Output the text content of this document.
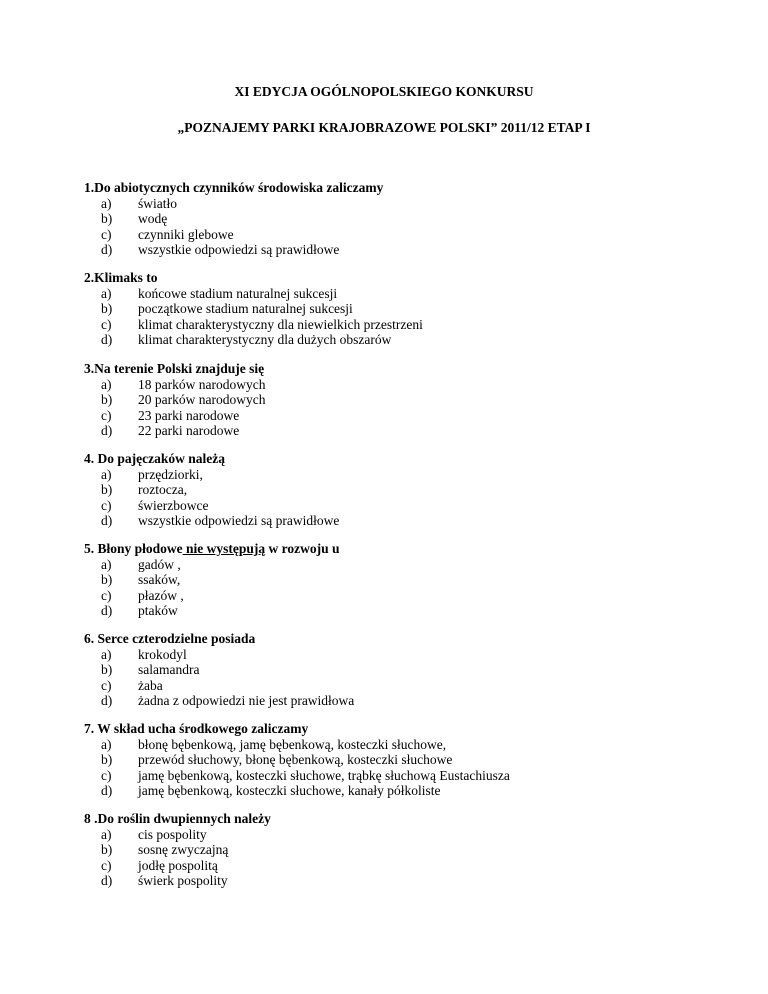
XI EDYCJA OGÓLNOPOLSKIEGO KONKURSU
„POZNAJEMY PARKI KRAJOBRAZOWE POLSKI” 2011/12 ETAP I
1.Do abiotycznych czynników środowiska zaliczamy
a) światło
b) wodę
c) czynniki glebowe
d) wszystkie odpowiedzi są prawidłowe
2.Klimaks to
a) końcowe stadium naturalnej sukcesji
b) początkowe stadium naturalnej sukcesji
c) klimat charakterystyczny dla niewielkich przestrzeni
d) klimat charakterystyczny dla dużych obszarów
3.Na terenie Polski znajduje się
a) 18 parków narodowych
b) 20 parków narodowych
c) 23 parki narodowe
d) 22 parki narodowe
4. Do pajęczaków należą
a) przędziorki,
b) roztocza,
c) świerzbowce
d) wszystkie odpowiedzi są prawidłowe
5. Błony płodowe nie występują w rozwoju u
a) gadów ,
b) ssaków,
c) płazów ,
d) ptaków
6. Serce czterodzielne posiada
a) krokodyl
b) salamandra
c) żaba
d) żadna z odpowiedzi nie jest prawidłowa
7. W skład ucha środkowego zaliczamy
a) błonę bębenkową, jamę bębenkową, kosteczki słuchowe,
b) przewód słuchowy, błonę bębenkową, kosteczki słuchowe
c) jamę bębenkową, kosteczki słuchowe, trąbkę słuchową Eustachiusza
d) jamę bębenkową, kosteczki słuchowe, kanały półkoliste
8 .Do roślin dwupiennych należy
a) cis pospolity
b) sosnę zwyczajną
c) jodłę pospolitą
d) świerk pospolity
